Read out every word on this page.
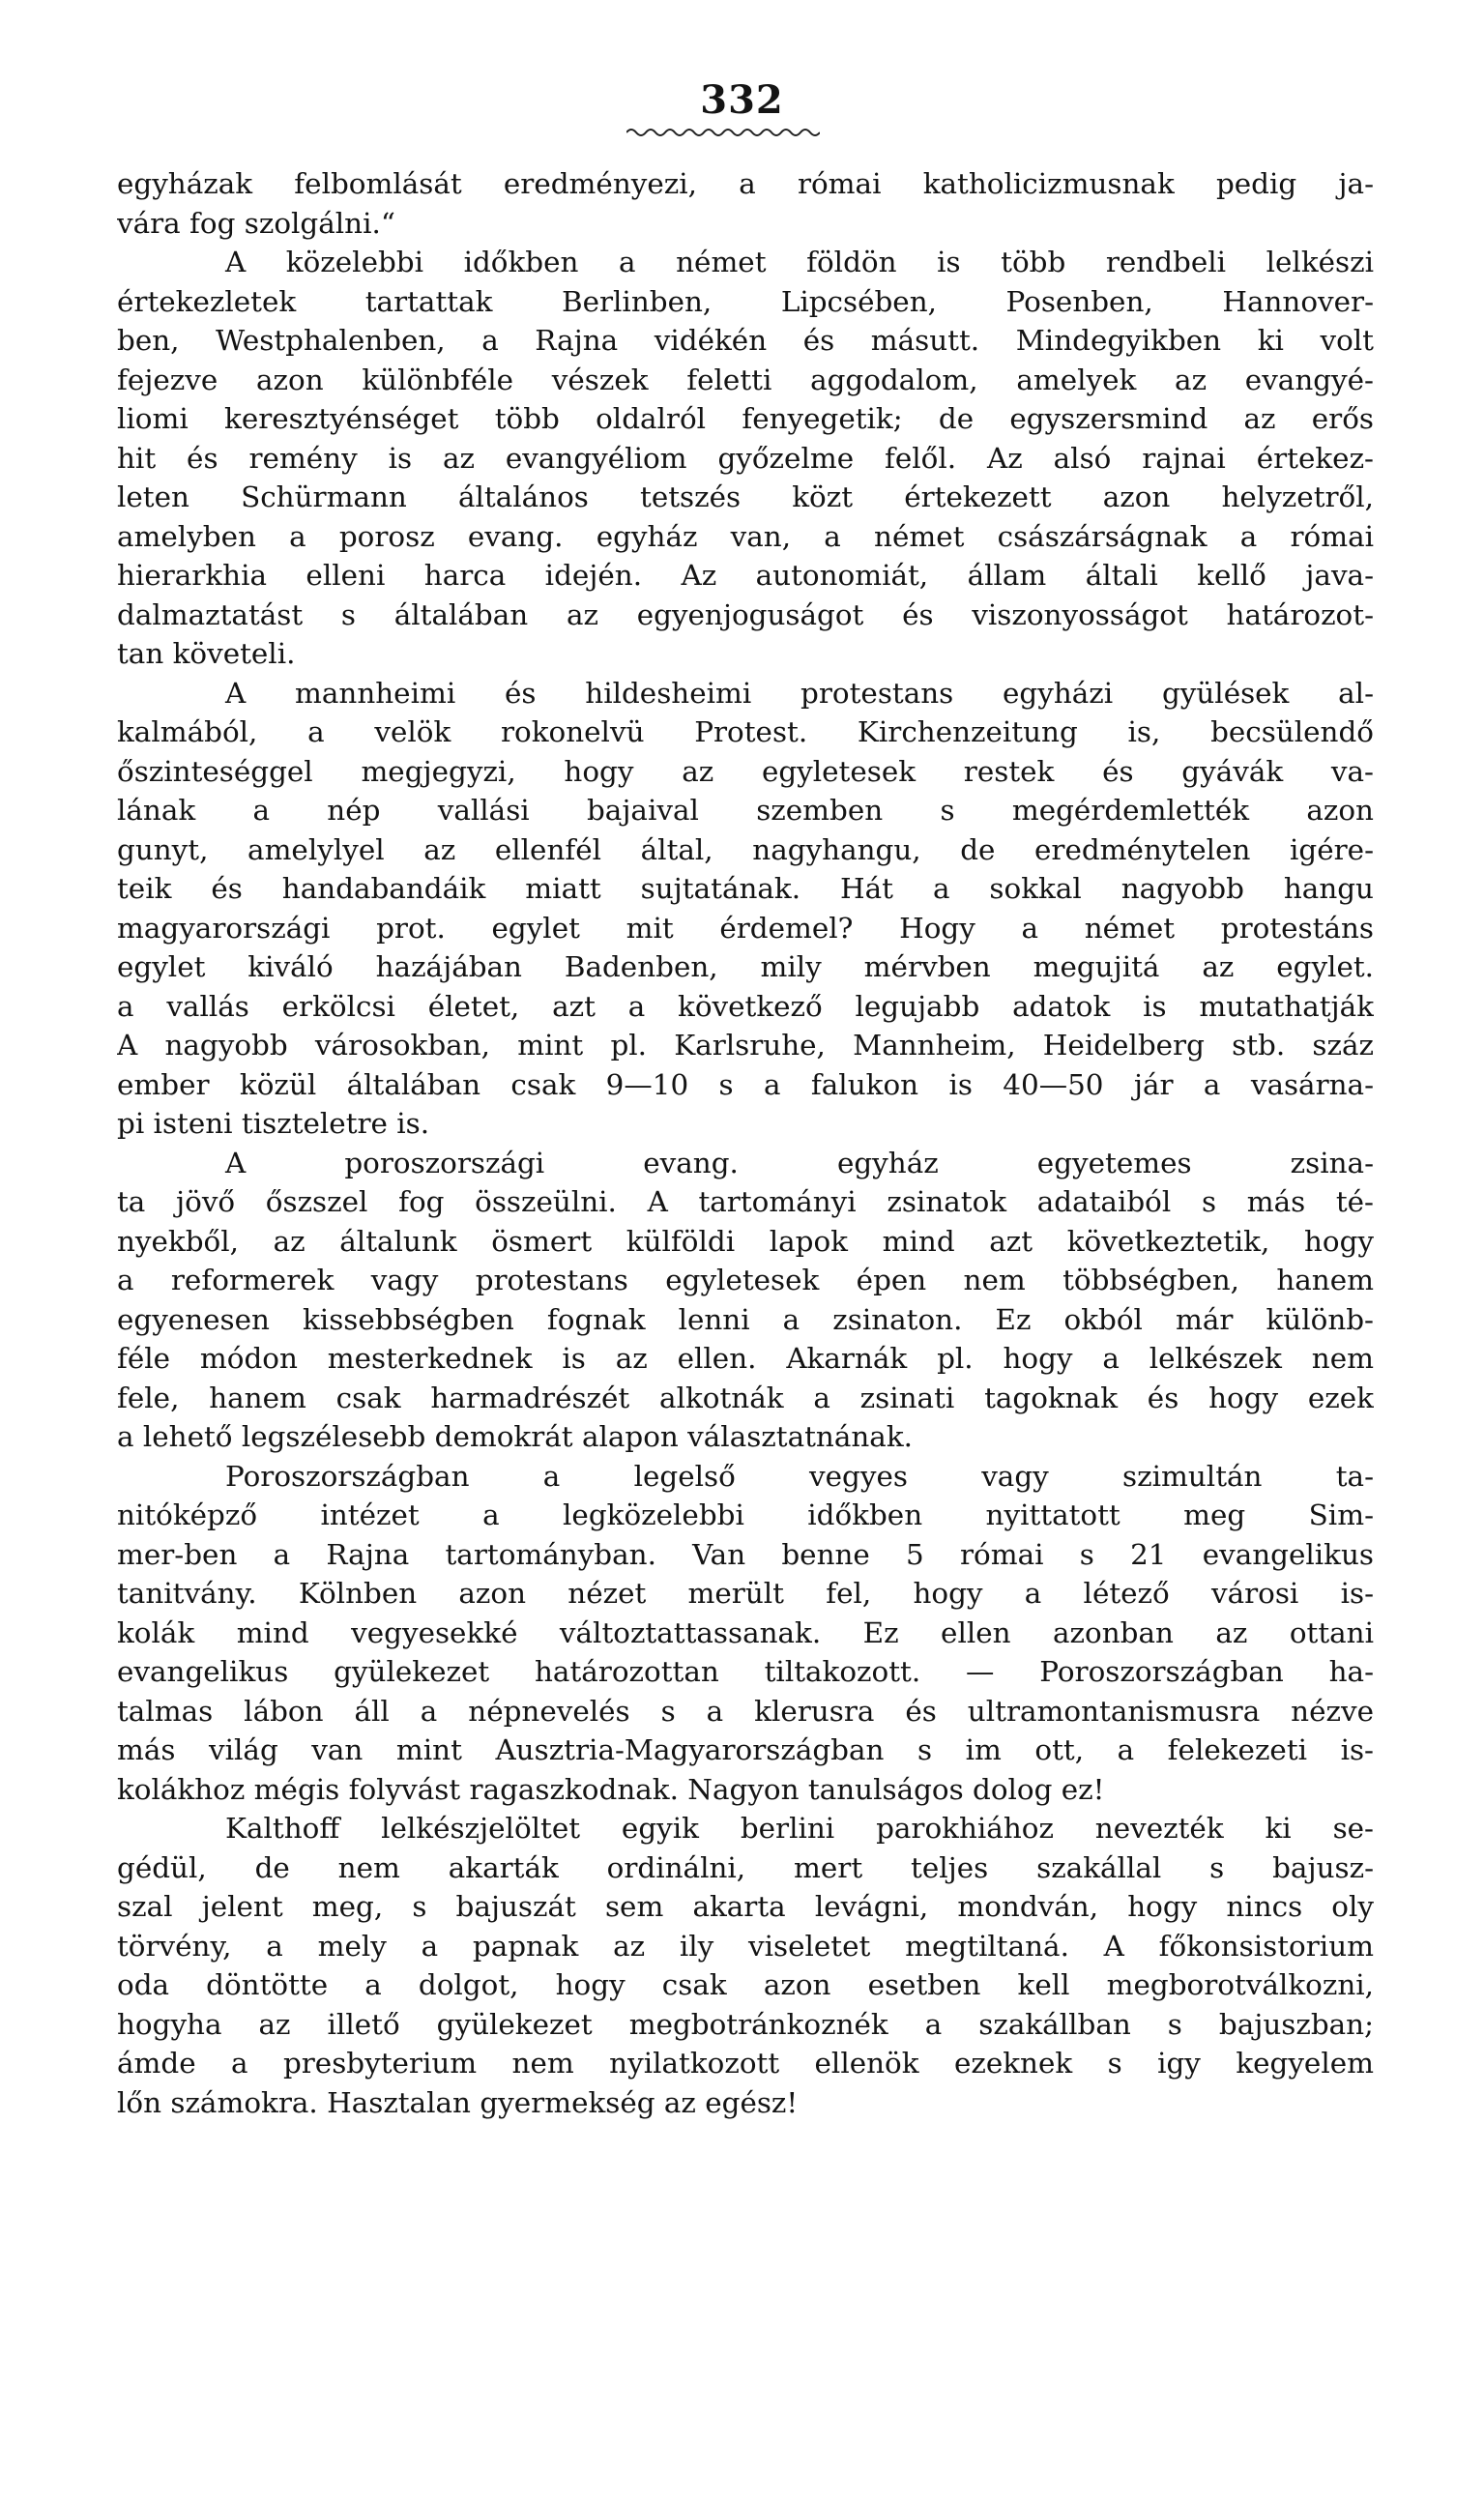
332
egyházak felbomlását eredményezi, a római katholicizmusnak pedig ja-
vára fog szolgálni.“
A közelebbi időkben a német földön is több rendbeli lelkészi
értekezletek tartattak Berlinben, Lipcsében, Posenben, Hannover-
ben, Westphalenben, a Rajna vidékén és másutt. Mindegyikben ki volt
fejezve azon különbféle vészek feletti aggodalom, amelyek az evangyé-
liomi keresztyénséget több oldalról fenyegetik; de egyszersmind az erős
hit és remény is az evangyéliom győzelme felől. Az alsó rajnai értekez-
leten Schürmann általános tetszés közt értekezett azon helyzetről,
amelyben a porosz evang. egyház van, a német császárságnak a római
hierarkhia elleni harca idején. Az autonomiát, állam általi kellő java-
dalmaztatást s általában az egyenjoguságot és viszonyosságot határozot-
tan követeli.
A mannheimi és hildesheimi protestans egyházi gyülések al-
kalmából, a velök rokonelvü Protest. Kirchenzeitung is, becsülendő
őszinteséggel megjegyzi, hogy az egyletesek restek és gyávák va-
lának a nép vallási bajaival szemben s megérdemlették azon
gunyt, amelylyel az ellenfél által, nagyhangu, de eredménytelen igére-
teik és handabandáik miatt sujtatának. Hát a sokkal nagyobb hangu
magyarországi prot. egylet mit érdemel? Hogy a német protestáns
egylet kiváló hazájában Badenben, mily mérvben megujitá az egylet.
a vallás erkölcsi életet, azt a következő legujabb adatok is mutathatják
A nagyobb városokban, mint pl. Karlsruhe, Mannheim, Heidelberg stb. száz
ember közül általában csak 9—10 s a falukon is 40—50 jár a vasárna-
pi isteni tiszteletre is.
A poroszországi evang. egyház egyetemes zsina-
ta jövő őszszel fog összeülni. A tartományi zsinatok adataiból s más té-
nyekből, az általunk ösmert külföldi lapok mind azt következtetik, hogy
a reformerek vagy protestans egyletesek épen nem többségben, hanem
egyenesen kissebbségben fognak lenni a zsinaton. Ez okból már különb-
féle módon mesterkednek is az ellen. Akarnák pl. hogy a lelkészek nem
fele, hanem csak harmadrészét alkotnák a zsinati tagoknak és hogy ezek
a lehető legszélesebb demokrát alapon választatnának.
Poroszországban a legelső vegyes vagy szimultán ta-
nitóképző intézet a legközelebbi időkben nyittatott meg Sim-
mer-ben a Rajna tartományban. Van benne 5 római s 21 evangelikus
tanitvány. Kölnben azon nézet merült fel, hogy a létező városi is-
kolák mind vegyesekké változtattassanak. Ez ellen azonban az ottani
evangelikus gyülekezet határozottan tiltakozott. — Poroszországban ha-
talmas lábon áll a népnevelés s a klerusra és ultramontanismusra nézve
más világ van mint Ausztria-Magyarországban s im ott, a felekezeti is-
kolákhoz mégis folyvást ragaszkodnak. Nagyon tanulságos dolog ez!
Kalthoff lelkészjelöltet egyik berlini parokhiához nevezték ki se-
gédül, de nem akarták ordinálni, mert teljes szakállal s bajusz-
szal jelent meg, s bajuszát sem akarta levágni, mondván, hogy nincs oly
törvény, a mely a papnak az ily viseletet megtiltaná. A főkonsistorium
oda döntötte a dolgot, hogy csak azon esetben kell megborotválkozni,
hogyha az illető gyülekezet megbotránkoznék a szakállban s bajuszban;
ámde a presbyterium nem nyilatkozott ellenök ezeknek s igy kegyelem
lőn számokra. Hasztalan gyermekség az egész!
